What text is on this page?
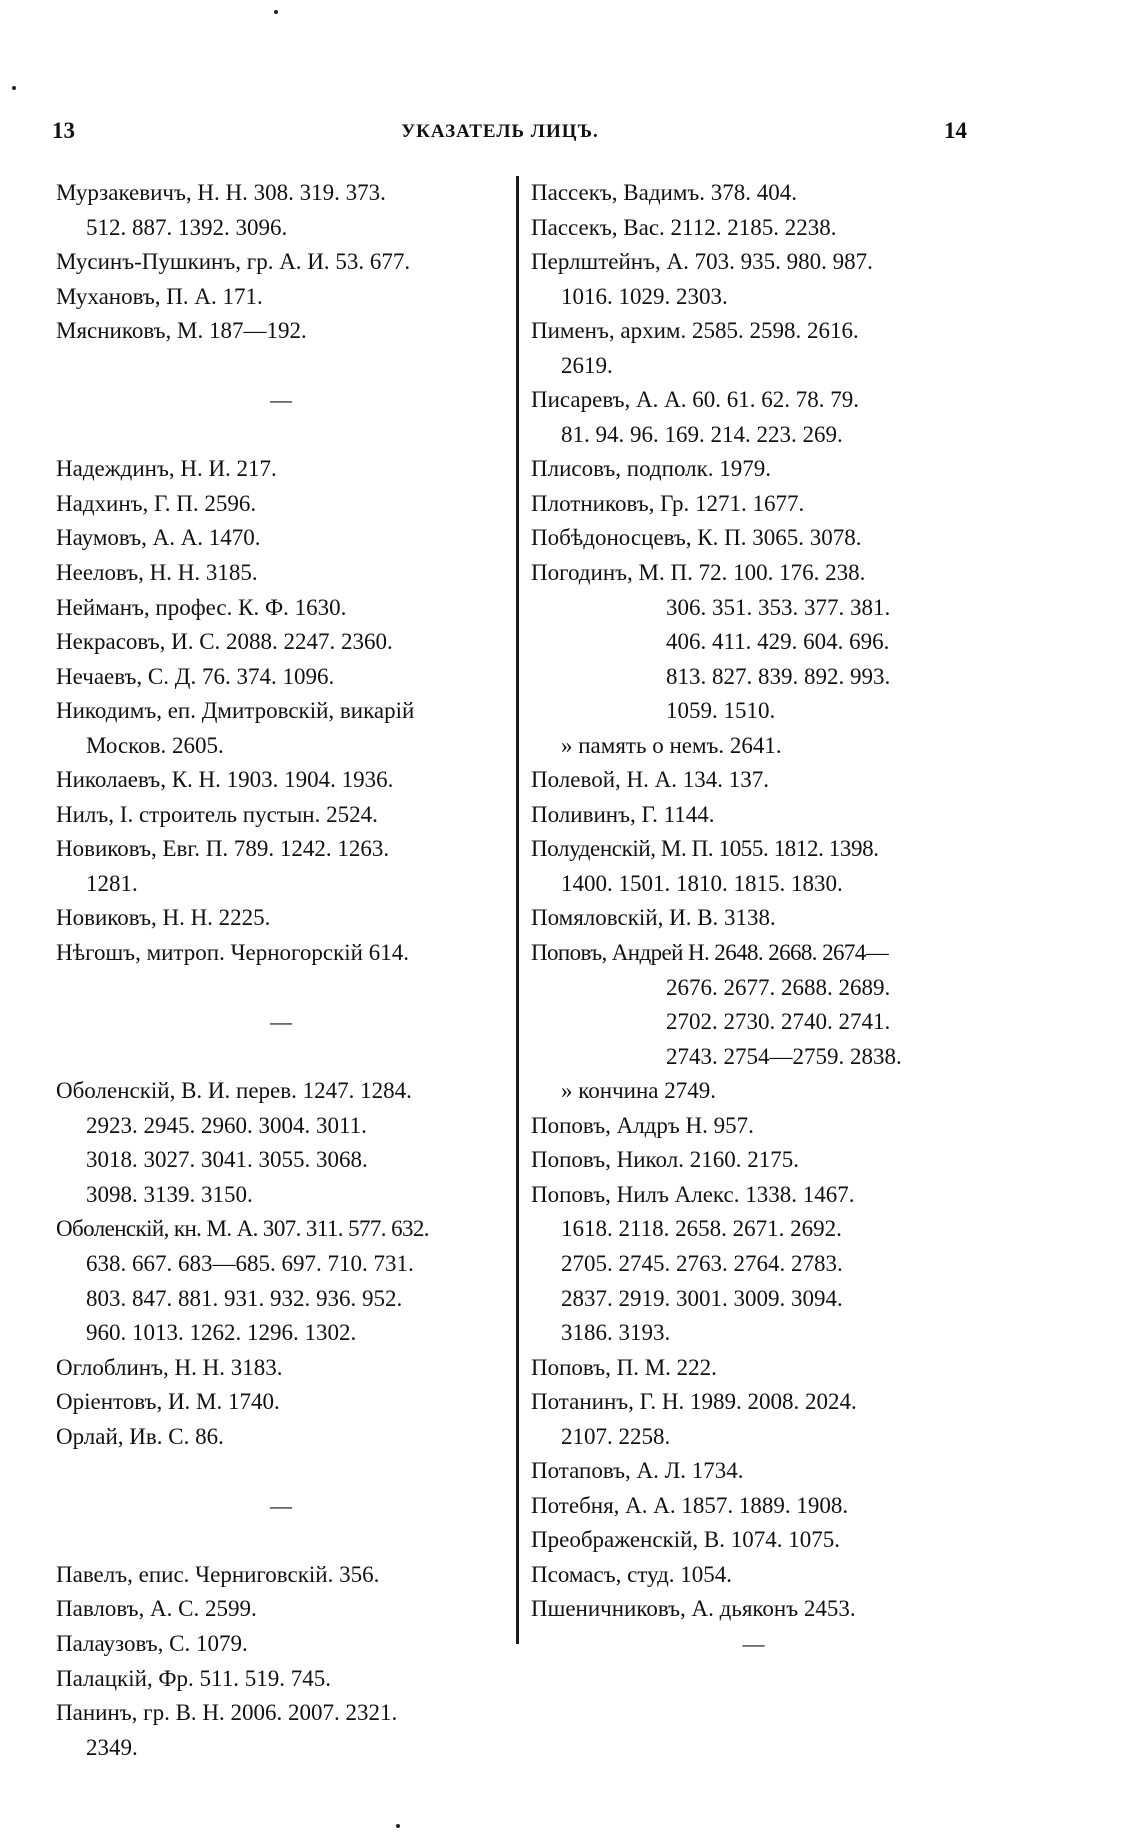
13	УКАЗАТЕЛЬ ЛИЦЪ.	14
Мурзакевичъ, Н. Н. 308. 319. 373.
512. 887. 1392. 3096.
Мусинъ-Пушкинъ, гр. А. И. 53. 677.
Мухановъ, П. А. 171.
Мясниковъ, М. 187—192.
—
Надеждинъ, Н. И. 217.
Надхинъ, Г. П. 2596.
Наумовъ, А. А. 1470.
Нееловъ, Н. Н. 3185.
Нейманъ, профес. К. Ф. 1630.
Некрасовъ, И. С. 2088. 2247. 2360.
Нечаевъ, С. Д. 76. 374. 1096.
Никодимъ, еп. Дмитровскій, викарій
Москов. 2605.
Николаевъ, К. Н. 1903. 1904. 1936.
Нилъ, I. строитель пустын. 2524.
Новиковъ, Евг. П. 789. 1242. 1263.
1281.
Новиковъ, Н. Н. 2225.
Нѣгошъ, митроп. Черногорскій 614.
—
Оболенскій, В. И. перев. 1247. 1284.
2923. 2945. 2960. 3004. 3011.
3018. 3027. 3041. 3055. 3068.
3098. 3139. 3150.
Оболенскій, кн. М. А. 307. 311. 577. 632.
638. 667. 683—685. 697. 710. 731.
803. 847. 881. 931. 932. 936. 952.
960. 1013. 1262. 1296. 1302.
Оглоблинъ, Н. Н. 3183.
Оріентовъ, И. М. 1740.
Орлай, Ив. С. 86.
—
Павелъ, епис. Черниговскій. 356.
Павловъ, А. С. 2599.
Палаузовъ, С. 1079.
Палацкій, Фр. 511. 519. 745.
Панинъ, гр. В. Н. 2006. 2007. 2321.
2349.
Пассекъ, Вадимъ. 378. 404.
Пассекъ, Вас. 2112. 2185. 2238.
Перлштейнъ, А. 703. 935. 980. 987.
1016. 1029. 2303.
Пименъ, архим. 2585. 2598. 2616.
2619.
Писаревъ, А. А. 60. 61. 62. 78. 79.
81. 94. 96. 169. 214. 223. 269.
Плисовъ, подполк. 1979.
Плотниковъ, Гр. 1271. 1677.
Побѣдоносцевъ, К. П. 3065. 3078.
Погодинъ, М. П. 72. 100. 176. 238.
306. 351. 353. 377. 381.
406. 411. 429. 604. 696.
813. 827. 839. 892. 993.
1059. 1510.
» память о немъ. 2641.
Полевой, Н. А. 134. 137.
Поливинъ, Г. 1144.
Полуденскій, М. П. 1055. 1812. 1398.
1400. 1501. 1810. 1815. 1830.
Помяловскій, И. В. 3138.
Поповъ, Андрей Н. 2648. 2668. 2674—
2676. 2677. 2688. 2689.
2702. 2730. 2740. 2741.
2743. 2754—2759. 2838.
» кончина 2749.
Поповъ, Алдръ Н. 957.
Поповъ, Никол. 2160. 2175.
Поповъ, Нилъ Алекс. 1338. 1467.
1618. 2118. 2658. 2671. 2692.
2705. 2745. 2763. 2764. 2783.
2837. 2919. 3001. 3009. 3094.
3186. 3193.
Поповъ, П. М. 222.
Потанинъ, Г. Н. 1989. 2008. 2024.
2107. 2258.
Потаповъ, А. Л. 1734.
Потебня, А. А. 1857. 1889. 1908.
Преображенскій, В. 1074. 1075.
Псомасъ, студ. 1054.
Пшеничниковъ, А. дьяконъ 2453.
—
